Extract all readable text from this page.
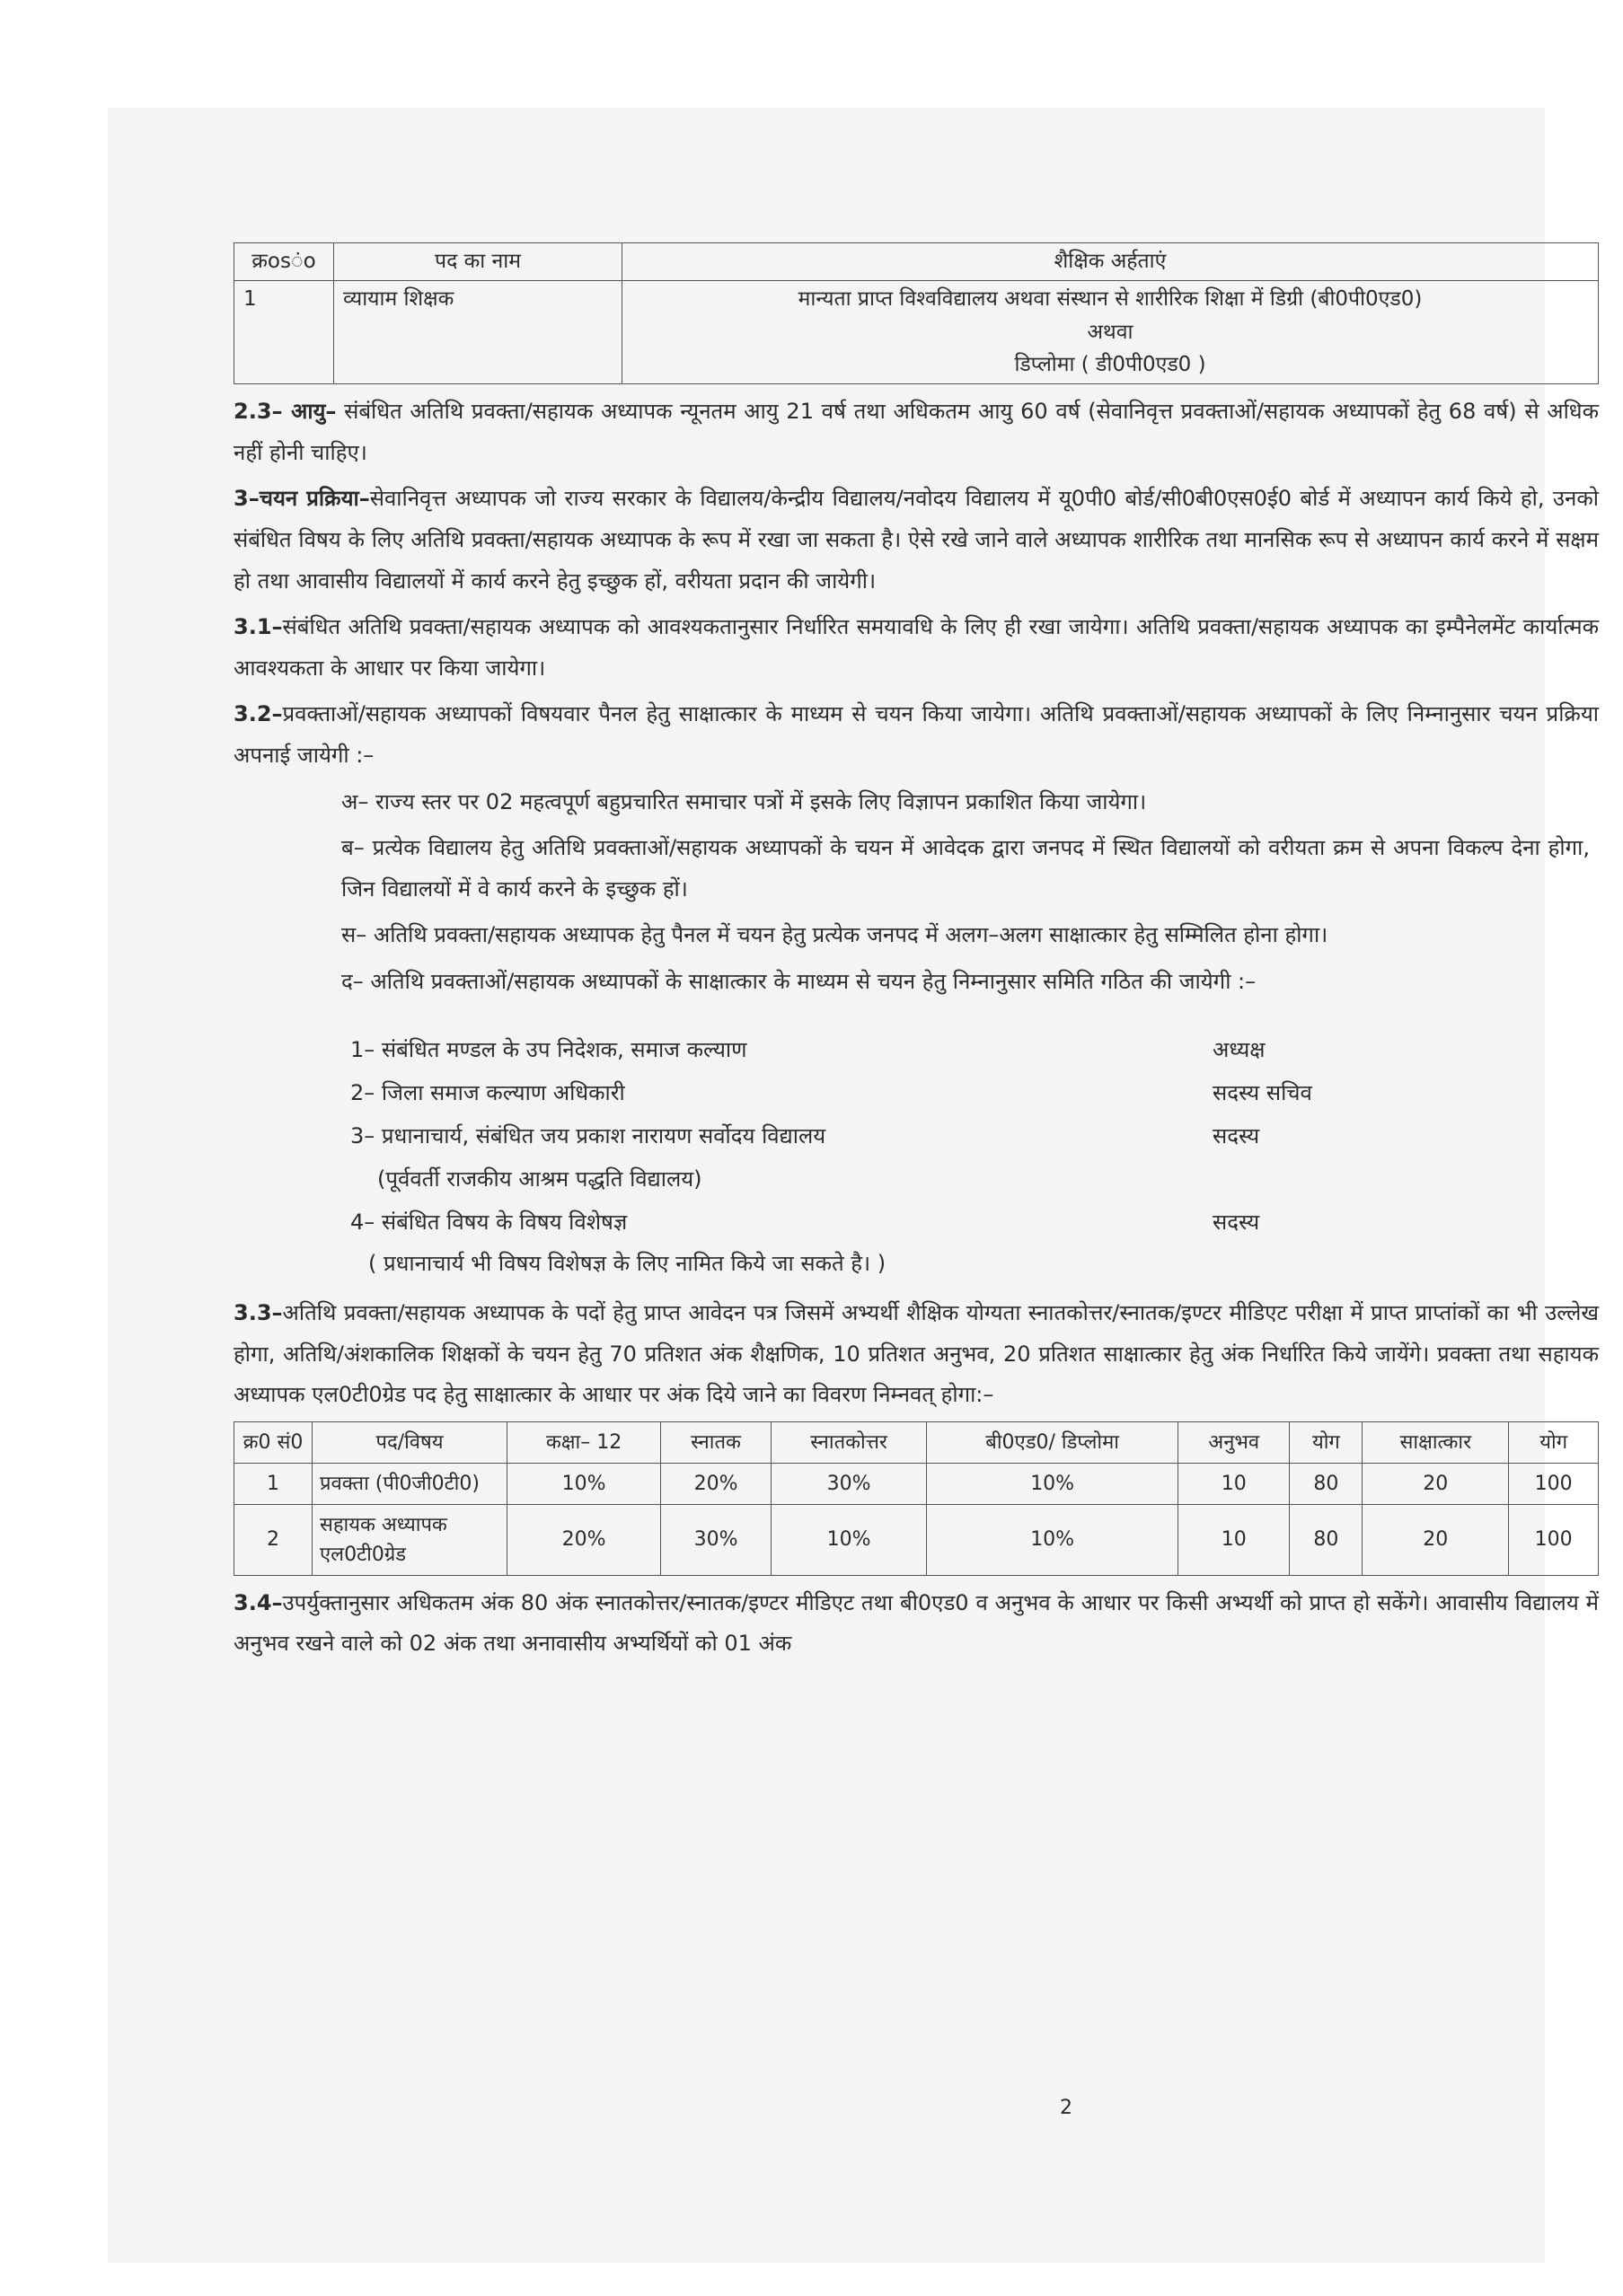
क्रosंo	पद का नाम	शैक्षिक अर्हताएं
1	व्यायाम शिक्षक	मान्यता प्राप्त विश्वविद्यालय अथवा संस्थान से शारीरिक शिक्षा में डिग्री (बी0पी0एड0)
अथवा
डिप्लोमा ( डी0पी0एड0 )

2.3– आयु– संबंधित अतिथि प्रवक्ता/सहायक अध्यापक न्यूनतम आयु 21 वर्ष तथा अधिकतम आयु 60 वर्ष (सेवानिवृत्त प्रवक्ताओं/सहायक अध्यापकों हेतु 68 वर्ष) से अधिक नहीं होनी चाहिए।

3–चयन प्रक्रिया–सेवानिवृत्त अध्यापक जो राज्य सरकार के विद्यालय/केन्द्रीय विद्यालय/नवोदय विद्यालय में यू0पी0 बोर्ड/सी0बी0एस0ई0 बोर्ड में अध्यापन कार्य किये हो, उनको संबंधित विषय के लिए अतिथि प्रवक्ता/सहायक अध्यापक के रूप में रखा जा सकता है। ऐसे रखे जाने वाले अध्यापक शारीरिक तथा मानसिक रूप से अध्यापन कार्य करने में सक्षम हो तथा आवासीय विद्यालयों में कार्य करने हेतु इच्छुक हों, वरीयता प्रदान की जायेगी।

3.1–संबंधित अतिथि प्रवक्ता/सहायक अध्यापक को आवश्यकतानुसार निर्धारित समयावधि के लिए ही रखा जायेगा। अतिथि प्रवक्ता/सहायक अध्यापक का इम्पैनेलमेंट कार्यात्मक आवश्यकता के आधार पर किया जायेगा।

3.2–प्रवक्ताओं/सहायक अध्यापकों विषयवार पैनल हेतु साक्षात्कार के माध्यम से चयन किया जायेगा। अतिथि प्रवक्ताओं/सहायक अध्यापकों के लिए निम्नानुसार चयन प्रक्रिया अपनाई जायेगी :–

अ– राज्य स्तर पर 02 महत्वपूर्ण बहुप्रचारित समाचार पत्रों में इसके लिए विज्ञापन प्रकाशित किया जायेगा।

ब– प्रत्येक विद्यालय हेतु अतिथि प्रवक्ताओं/सहायक अध्यापकों के चयन में आवेदक द्वारा जनपद में स्थित विद्यालयों को वरीयता क्रम से अपना विकल्प देना होगा, जिन विद्यालयों में वे कार्य करने के इच्छुक हों।

स– अतिथि प्रवक्ता/सहायक अध्यापक हेतु पैनल में चयन हेतु प्रत्येक जनपद में अलग–अलग साक्षात्कार हेतु सम्मिलित होना होगा।

द– अतिथि प्रवक्ताओं/सहायक अध्यापकों के साक्षात्कार के माध्यम से चयन हेतु निम्नानुसार समिति गठित की जायेगी :–

1– संबंधित मण्डल के उप निदेशक, समाज कल्याण	अध्यक्ष
2– जिला समाज कल्याण अधिकारी	सदस्य सचिव
3– प्रधानाचार्य, संबंधित जय प्रकाश नारायण सर्वोदय विद्यालय	सदस्य
(पूर्ववर्ती राजकीय आश्रम पद्धति विद्यालय)
4– संबंधित विषय के विषय विशेषज्ञ	सदस्य
( प्रधानाचार्य भी विषय विशेषज्ञ के लिए नामित किये जा सकते है। )

3.3–अतिथि प्रवक्ता/सहायक अध्यापक के पदों हेतु प्राप्त आवेदन पत्र जिसमें अभ्यर्थी शैक्षिक योग्यता स्नातकोत्तर/स्नातक/इण्टर मीडिएट परीक्षा में प्राप्त प्राप्तांकों का भी उल्लेख होगा, अतिथि/अंशकालिक शिक्षकों के चयन हेतु 70 प्रतिशत अंक शैक्षणिक, 10 प्रतिशत अनुभव, 20 प्रतिशत साक्षात्कार हेतु अंक निर्धारित किये जायेंगे। प्रवक्ता तथा सहायक अध्यापक एल0टी0ग्रेड पद हेतु साक्षात्कार के आधार पर अंक दिये जाने का विवरण निम्नवत् होगा:–

क्र0 सं0	पद/विषय	कक्षा– 12	स्नातक	स्नातकोत्तर	बी0एड0/ डिप्लोमा	अनुभव	योग	साक्षात्कार	योग
1	प्रवक्ता (पी0जी0टी0)	10%	20%	30%	10%	10	80	20	100
2	सहायक अध्यापक एल0टी0ग्रेड	20%	30%	10%	10%	10	80	20	100

3.4–उपर्युक्तानुसार अधिकतम अंक 80 अंक स्नातकोत्तर/स्नातक/इण्टर मीडिएट तथा बी0एड0 व अनुभव के आधार पर किसी अभ्यर्थी को प्राप्त हो सकेंगे। आवासीय विद्यालय में अनुभव रखने वाले को 02 अंक तथा अनावासीय अभ्यर्थियों को 01 अंक

2
